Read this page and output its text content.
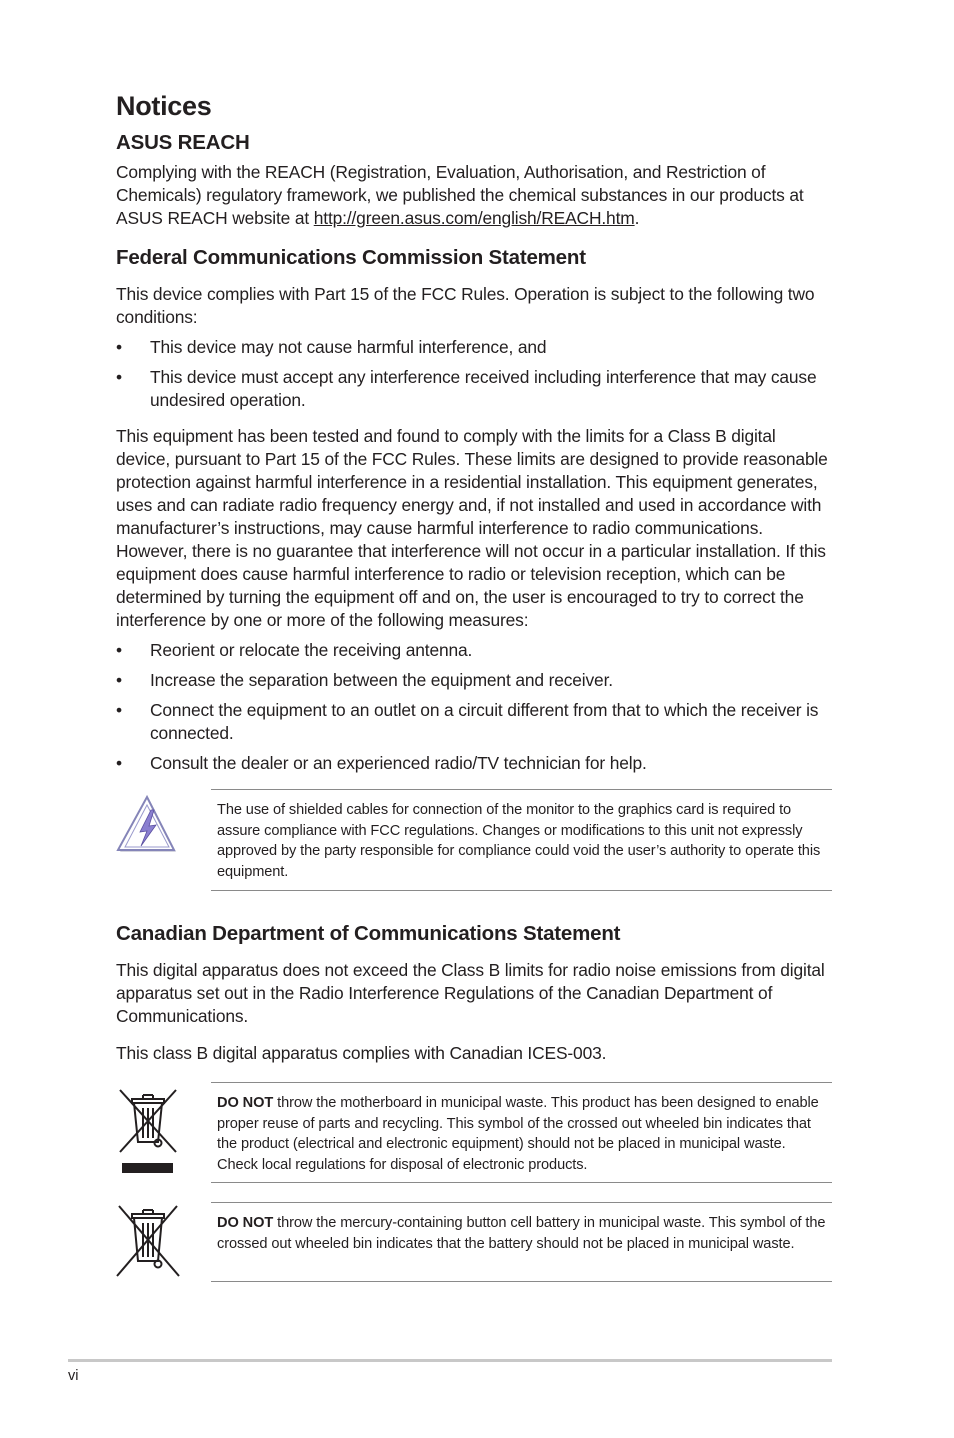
Notices
ASUS REACH

Complying with the REACH (Registration, Evaluation, Authorisation, and Restriction of Chemicals) regulatory framework, we published the chemical substances in our products at ASUS REACH website at http://green.asus.com/english/REACH.htm.

Federal Communications Commission Statement

This device complies with Part 15 of the FCC Rules. Operation is subject to the following two conditions:

• This device may not cause harmful interference, and
• This device must accept any interference received including interference that may cause undesired operation.

This equipment has been tested and found to comply with the limits for a Class B digital device, pursuant to Part 15 of the FCC Rules. These limits are designed to provide reasonable protection against harmful interference in a residential installation. This equipment generates, uses and can radiate radio frequency energy and, if not installed and used in accordance with manufacturer’s instructions, may cause harmful interference to radio communications. However, there is no guarantee that interference will not occur in a particular installation. If this equipment does cause harmful interference to radio or television reception, which can be determined by turning the equipment off and on, the user is encouraged to try to correct the interference by one or more of the following measures:

• Reorient or relocate the receiving antenna.
• Increase the separation between the equipment and receiver.
• Connect the equipment to an outlet on a circuit different from that to which the receiver is connected.
• Consult the dealer or an experienced radio/TV technician for help.
The use of shielded cables for connection of the monitor to the graphics card is required to assure compliance with FCC regulations. Changes or modifications to this unit not expressly approved by the party responsible for compliance could void the user’s authority to operate this equipment.
Canadian Department of Communications Statement

This digital apparatus does not exceed the Class B limits for radio noise emissions from digital apparatus set out in the Radio Interference Regulations of the Canadian Department of Communications.

This class B digital apparatus complies with Canadian ICES-003.

DO NOT throw the motherboard in municipal waste. This product has been designed to enable proper reuse of parts and recycling. This symbol of the crossed out wheeled bin indicates that the product (electrical and electronic equipment) should not be placed in municipal waste. Check local regulations for disposal of electronic products.
DO NOT throw the mercury-containing button cell battery in municipal waste. This symbol of the crossed out wheeled bin indicates that the battery should not be placed in municipal waste.
vi
